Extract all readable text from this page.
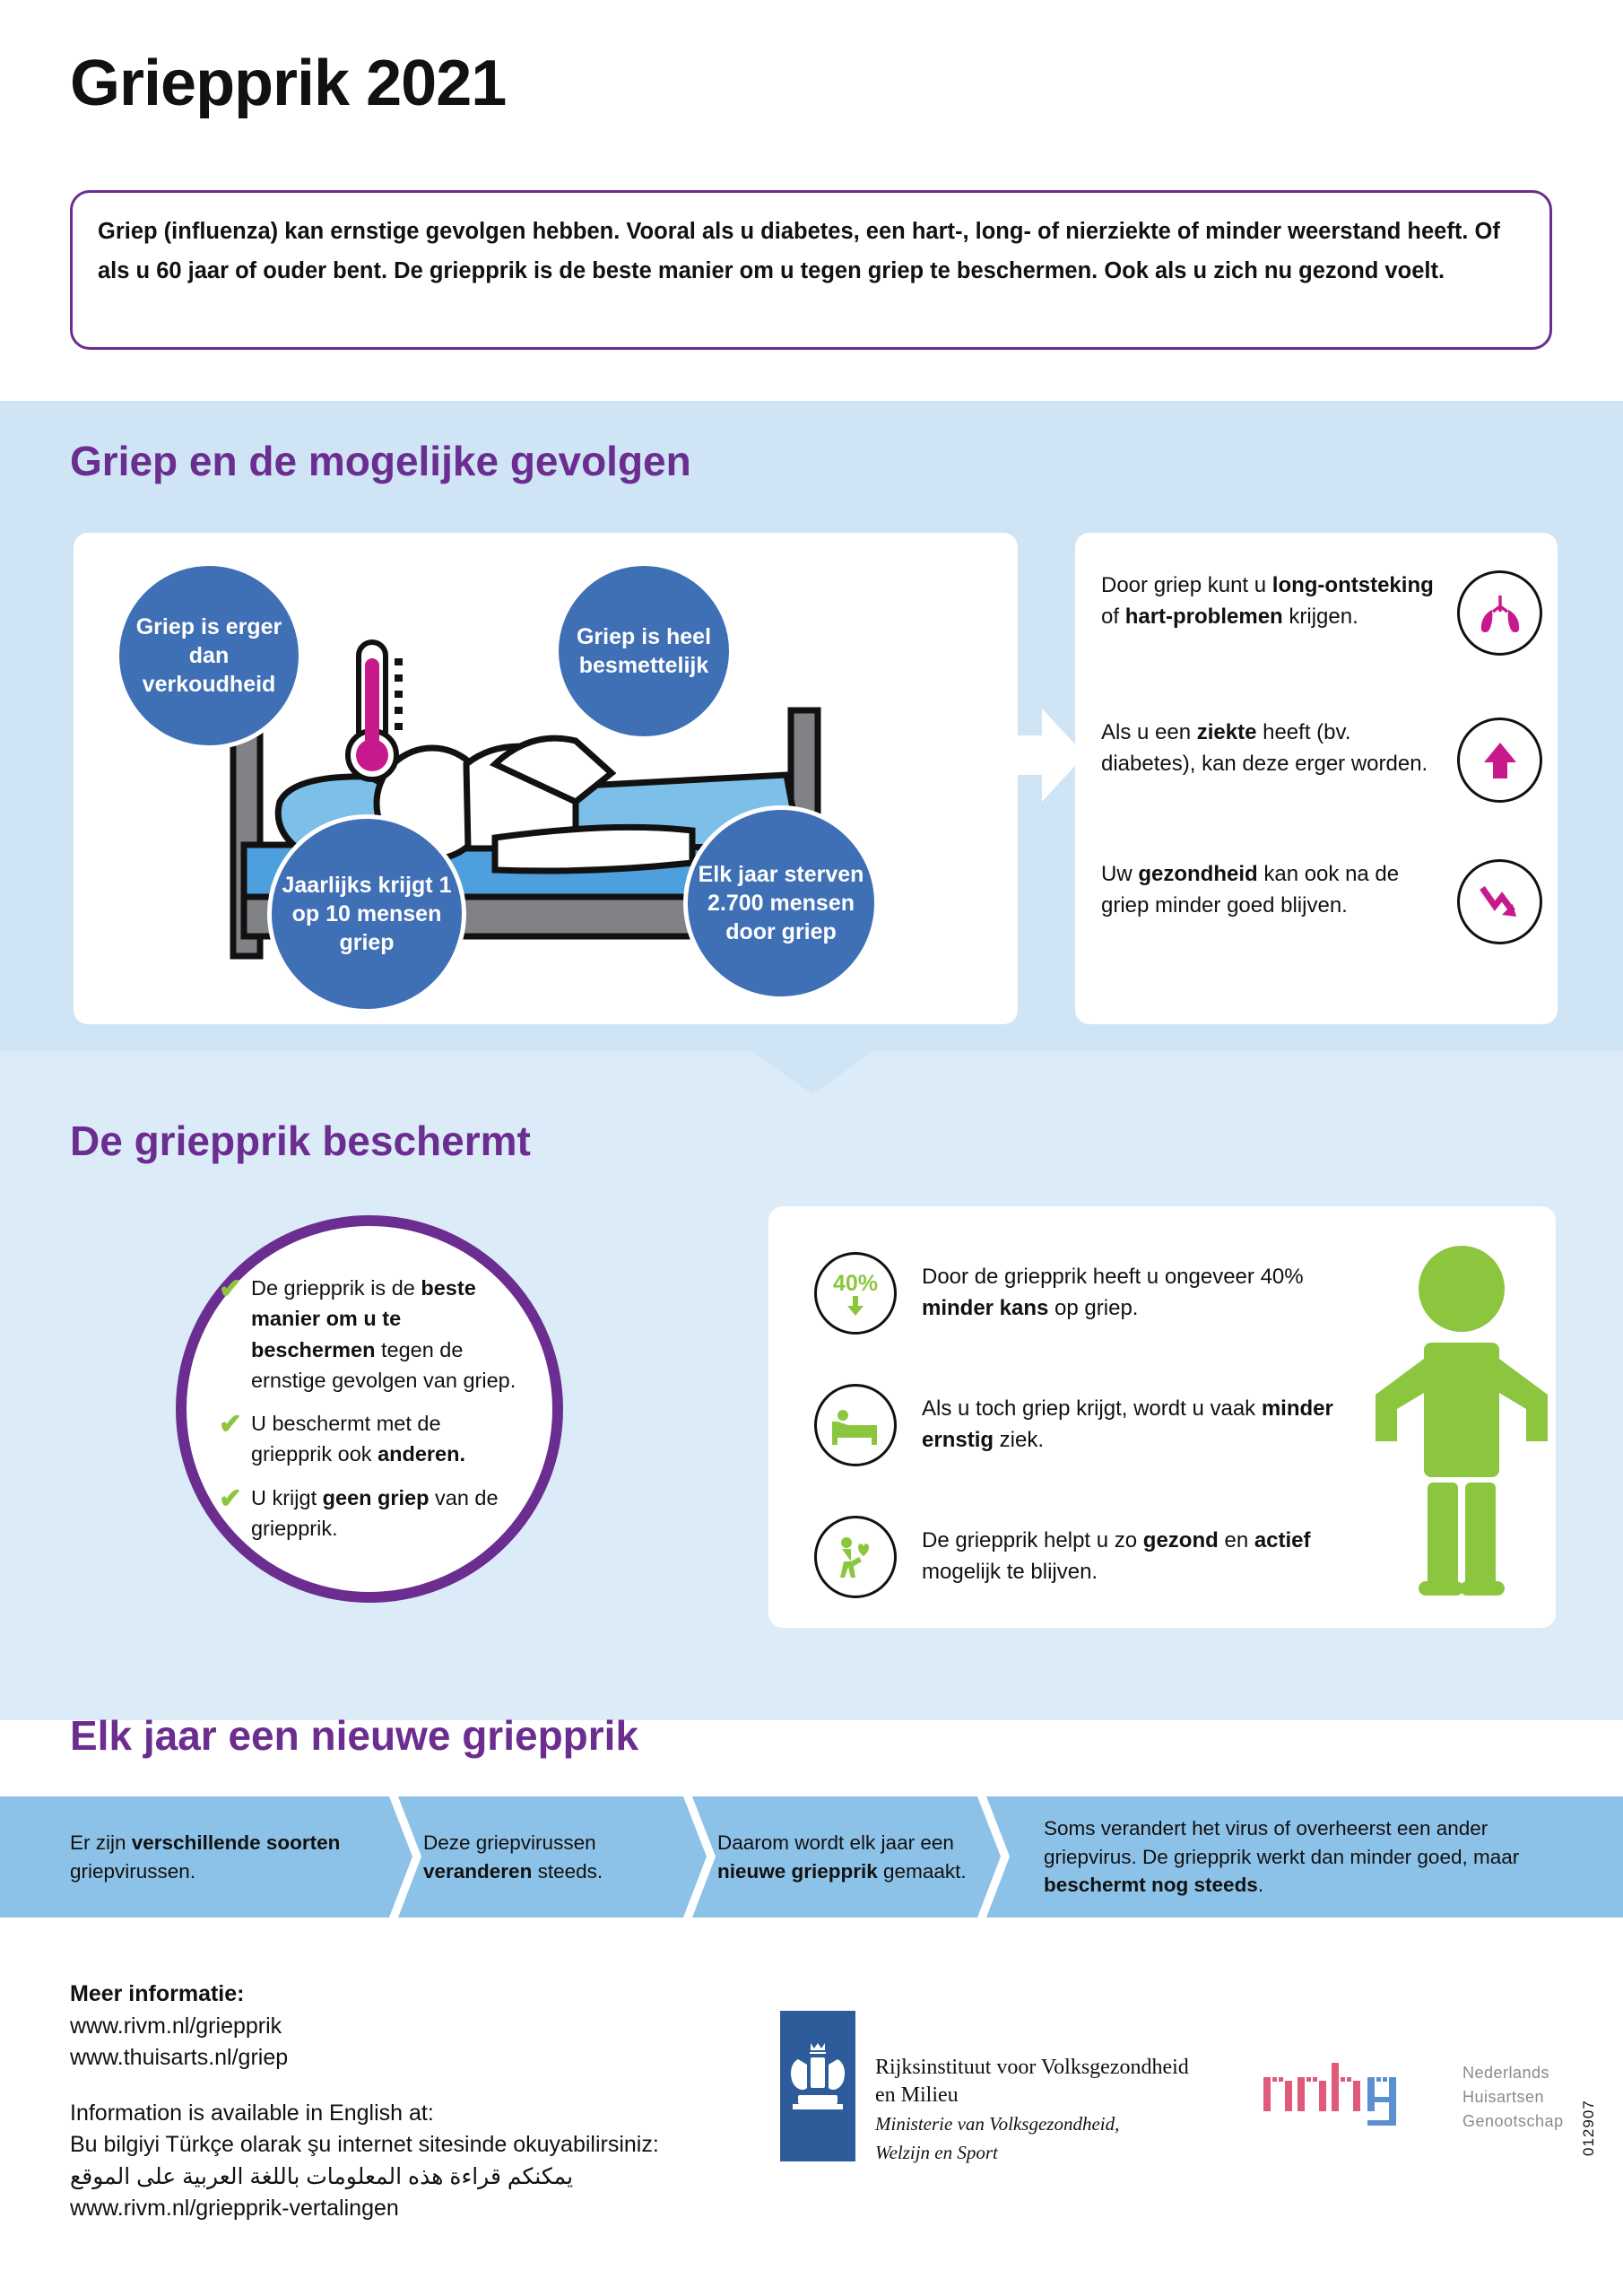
Griepprik 2021

Griep (influenza) kan ernstige gevolgen hebben. Vooral als u diabetes, een hart-, long- of nierziekte of minder weerstand heeft. Of als u 60 jaar of ouder bent. De griepprik is de beste manier om u tegen griep te beschermen. Ook als u zich nu gezond voelt.

Griep en de mogelijke gevolgen
Griep is erger dan verkoudheid
Griep is heel besmettelijk
Jaarlijks krijgt 1 op 10 mensen griep
Elk jaar sterven 2.700 mensen door griep

Door griep kunt u long-ontsteking of hart-problemen krijgen.

Als u een ziekte heeft (bv. diabetes), kan deze erger worden.

Uw gezondheid kan ook na de griep minder goed blijven.

De griepprik beschermt
✔ De griepprik is de beste manier om u te beschermen tegen de ernstige gevolgen van griep.

✔ U beschermt met de griepprik ook anderen.

✔ U krijgt geen griep van de griepprik.

40% Door de griepprik heeft u ongeveer 40% minder kans op griep.

Als u toch griep krijgt, wordt u vaak minder ernstig ziek.

De griepprik helpt u zo gezond en actief mogelijk te blijven.

Elk jaar een nieuwe griepprik

Er zijn verschillende soorten griepvirussen.

Deze griepvirussen veranderen steeds.

Daarom wordt elk jaar een nieuwe griepprik gemaakt.

Soms verandert het virus of overheerst een ander griepvirus. De griepprik werkt dan minder goed, maar beschermt nog steeds.

Meer informatie:
www.rivm.nl/griepprik
www.thuisarts.nl/griep
Information is available in English at:
Bu bilgiyi Türkçe olarak şu internet sitesinde okuyabilirsiniz:
يمكنكم قراءة هذه المعلومات باللغة العربية على الموقع
www.rivm.nl/griepprik-vertalingen
Rijksinstituut voor Volksgezondheid
en Milieu
Ministerie van Volksgezondheid,
Welzijn en Sport
Nederlands
Huisartsen
Genootschap 012907
